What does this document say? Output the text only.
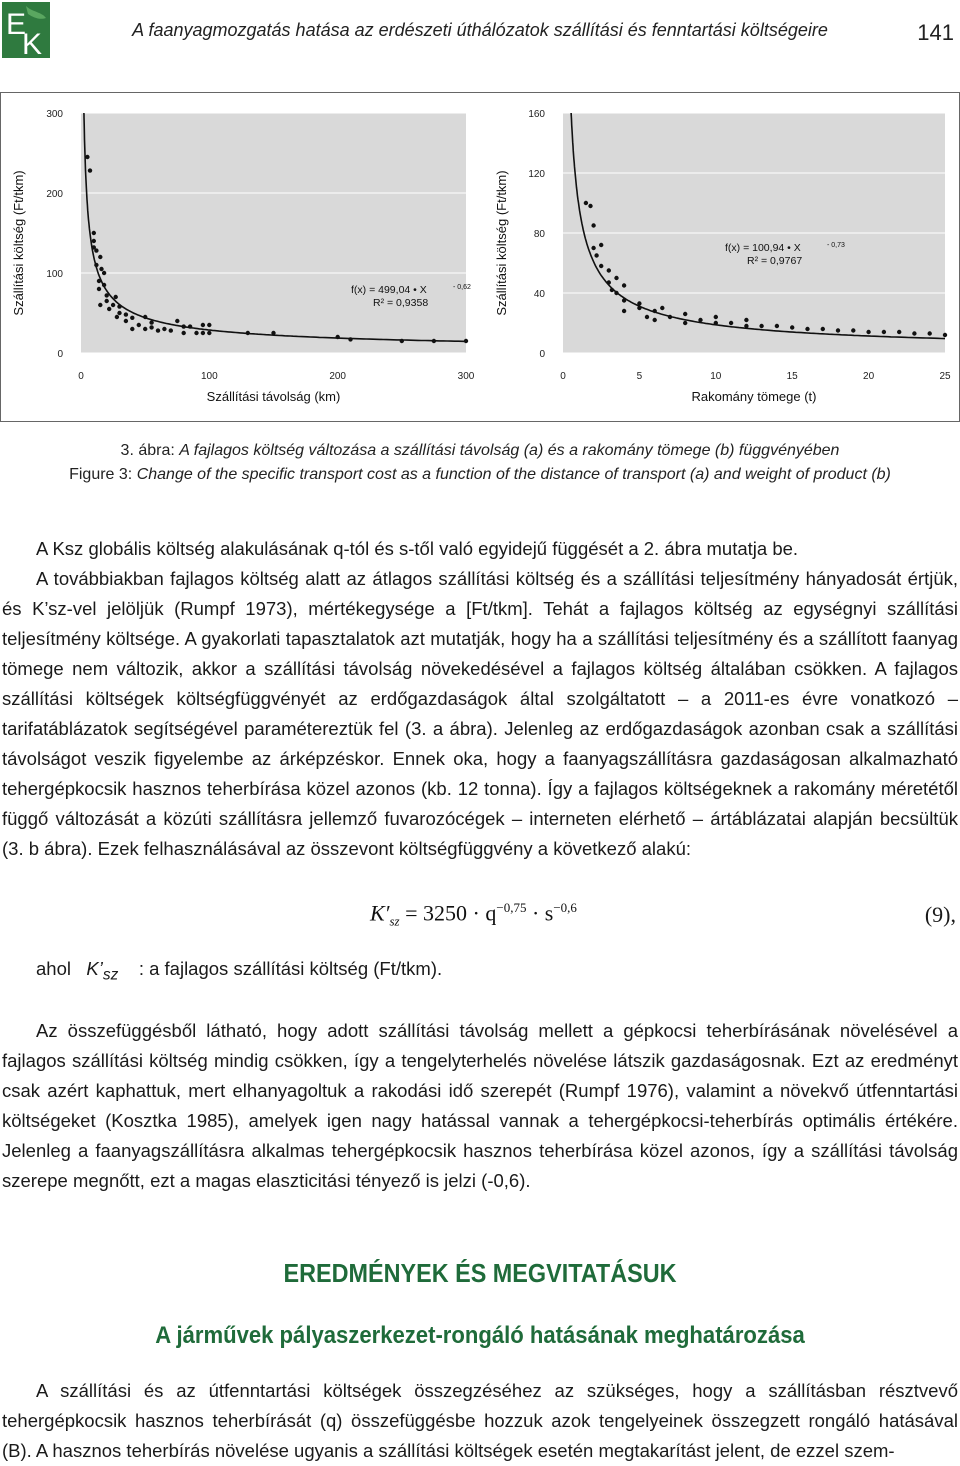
E
K	A faanyagmozgatás hatása az erdészeti úthálózatok szállítási és fenntartási költségeire	141
0
100
200
300
0	100	200	300
Szállítási távolság (km)
Szállítási költség (Ft/tkm)	f(x) = 499,04 • X	- 0,62
R² = 0,9358
0
40
80
120
160
0	5	10	15	20	25
Rakomány tömege (t)
Szállítási költség (Ft/tkm)	f(x) = 100,94 • X	- 0,73
R² = 0,9767
3. ábra: A fajlagos költség változása a szállítási távolság (a) és a rakomány tömege (b) függvényében
Figure 3: Change of the specific transport cost as a function of the distance of transport (a) and weight of product (b)

A Ksz globális költség alakulásának q-tól és s-től való egyidejű függését a 2. ábra mutatja be.

A továbbiakban fajlagos költség alatt az átlagos szállítási költség és a szállítási teljesítmény hányadosát értjük, és K’sz-vel jelöljük (Rumpf 1973), mértékegysége a [Ft/tkm]. Tehát a fajlagos költség az egységnyi szállítási teljesítmény költsége. A gyakorlati tapasztalatok azt mutatják, hogy ha a szállítási teljesítmény és a szállított faanyag tömege nem változik, akkor a szállítási távolság növekedésével a fajlagos költség általában csökken. A fajlagos szállítási költségek költségfüggvényét az erdőgazdaságok által szolgáltatott – a 2011-es évre vonatkozó – tarifatáblázatok segítségével paramétereztük fel (3. a ábra). Jelenleg az erdőgazdaságok azonban csak a szállítási távolságot veszik figyelembe az árképzéskor. Ennek oka, hogy a faanyagszállításra gazdaságosan alkalmazható tehergépkocsik hasznos teherbírása közel azonos (kb. 12 tonna). Így a fajlagos költségeknek a rakomány méretétől függő változását a közúti szállításra jellemző fuvarozócégek – interneten elérhető – ártáblázatai alapján becsültük (3. b ábra). Ezek felhasználásával az összevont költségfüggvény a következő alakú:

$K'_{sz} = 3250 \cdot q^{-0,75} \cdot s^{-0,6}$	(9),
ahol $K’_{sz}$ : a fajlagos szállítási költség (Ft/tkm).

Az összefüggésből látható, hogy adott szállítási távolság mellett a gépkocsi teherbírásának növelésével a fajlagos szállítási költség mindig csökken, így a tengelyterhelés növelése látszik gazdaságosnak. Ezt az eredményt csak azért kaphattuk, mert elhanyagoltuk a rakodási idő szerepét (Rumpf 1976), valamint a növekvő útfenntartási költségeket (Kosztka 1985), amelyek igen nagy hatással vannak a tehergépkocsi-teherbírás optimális értékére. Jelenleg a faanyagszállításra alkalmas tehergépkocsik hasznos teherbírása közel azonos, így a szállítási távolság szerepe megnőtt, ezt a magas elaszticitási tényező is jelzi (-0,6).

EREDMÉNYEK ÉS MEGVITATÁSUK
A járművek pályaszerkezet-rongáló hatásának meghatározása

A szállítási és az útfenntartási költségek összegzéséhez az szükséges, hogy a szállításban résztvevő tehergépkocsik hasznos teherbírását (q) összefüggésbe hozzuk azok tengelyeinek összegzett rongáló hatásával (B). A hasznos teherbírás növelése ugyanis a szállítási költségek esetén megtakarítást jelent, de ezzel szem-
